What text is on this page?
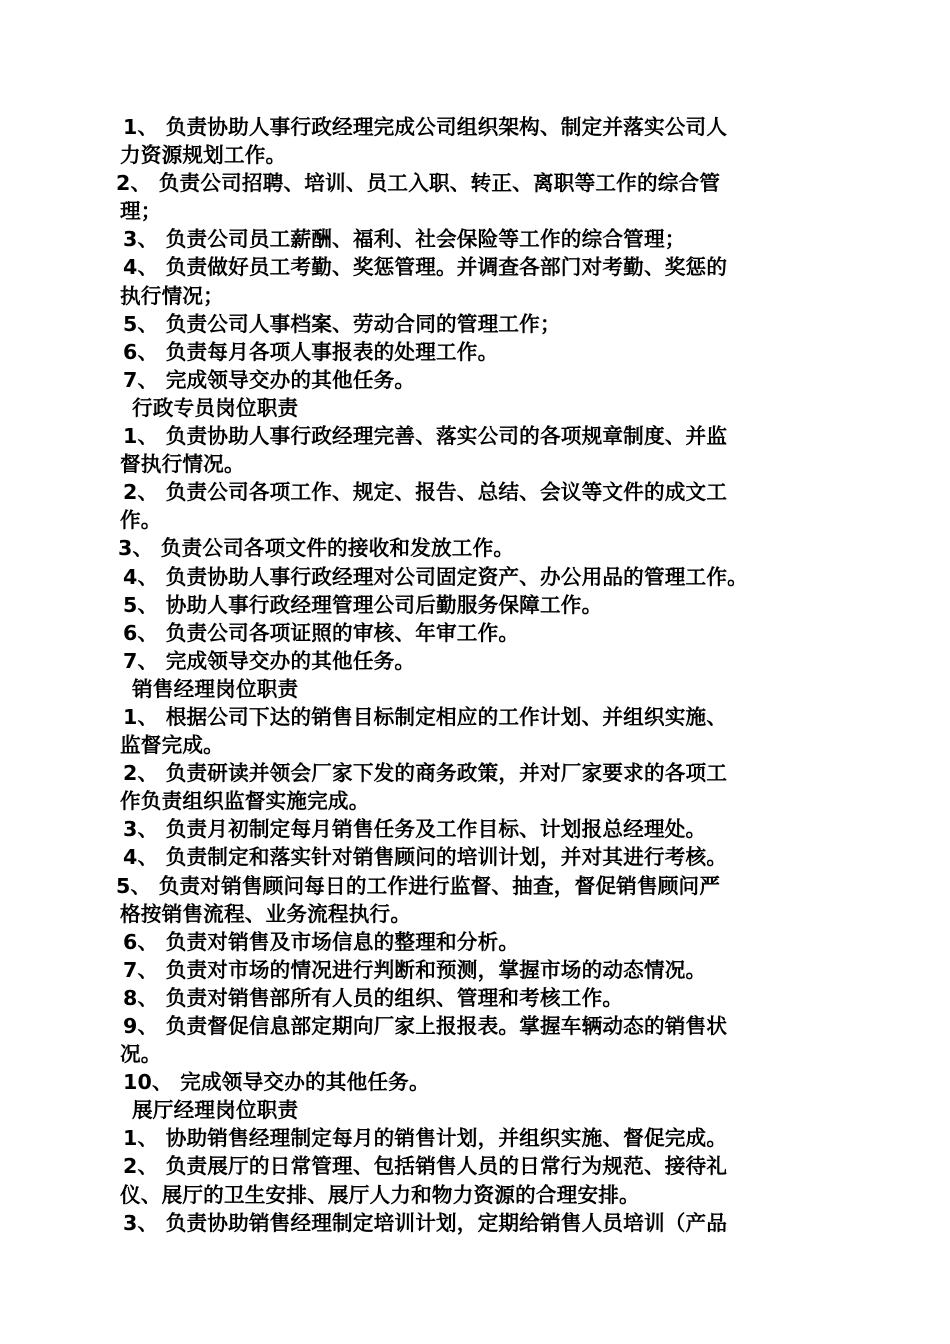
1、 负责协助人事行政经理完成公司组织架构、制定并落实公司人
力资源规划工作。
2、 负责公司招聘、培训、员工入职、转正、离职等工作的综合管
理；
3、 负责公司员工薪酬、福利、社会保险等工作的综合管理；
4、 负责做好员工考勤、奖惩管理。并调查各部门对考勤、奖惩的
执行情况；
5、 负责公司人事档案、劳动合同的管理工作；
6、 负责每月各项人事报表的处理工作。
7、 完成领导交办的其他任务。
行政专员岗位职责
1、 负责协助人事行政经理完善、落实公司的各项规章制度、并监
督执行情况。
2、 负责公司各项工作、规定、报告、总结、会议等文件的成文工
作。
3、 负责公司各项文件的接收和发放工作。
4、 负责协助人事行政经理对公司固定资产、办公用品的管理工作。
5、 协助人事行政经理管理公司后勤服务保障工作。
6、 负责公司各项证照的审核、年审工作。
7、 完成领导交办的其他任务。
销售经理岗位职责
1、 根据公司下达的销售目标制定相应的工作计划、并组织实施、
监督完成。
2、 负责研读并领会厂家下发的商务政策，并对厂家要求的各项工
作负责组织监督实施完成。
3、 负责月初制定每月销售任务及工作目标、计划报总经理处。
4、 负责制定和落实针对销售顾问的培训计划，并对其进行考核。
5、 负责对销售顾问每日的工作进行监督、抽查，督促销售顾问严
格按销售流程、业务流程执行。
6、 负责对销售及市场信息的整理和分析。
7、 负责对市场的情况进行判断和预测，掌握市场的动态情况。
8、 负责对销售部所有人员的组织、管理和考核工作。
9、 负责督促信息部定期向厂家上报报表。掌握车辆动态的销售状
况。
10、 完成领导交办的其他任务。
展厅经理岗位职责
1、 协助销售经理制定每月的销售计划，并组织实施、督促完成。
2、 负责展厅的日常管理、包括销售人员的日常行为规范、接待礼
仪、展厅的卫生安排、展厅人力和物力资源的合理安排。
3、 负责协助销售经理制定培训计划，定期给销售人员培训（产品
